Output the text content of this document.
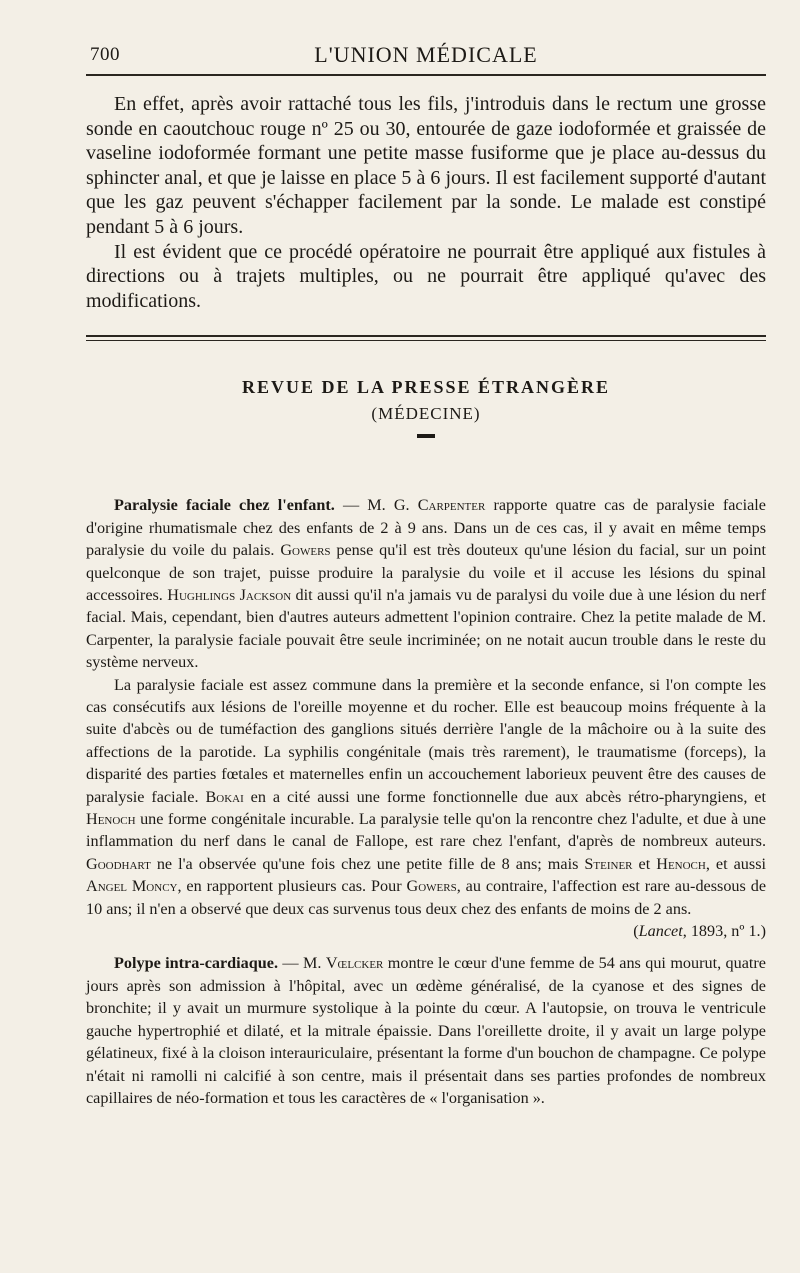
700	L'UNION MÉDICALE

En effet, après avoir rattaché tous les fils, j'introduis dans le rectum une grosse sonde en caoutchouc rouge nº 25 ou 30, entourée de gaze iodoformée et graissée de vaseline iodoformée formant une petite masse fusiforme que je place au-dessus du sphincter anal, et que je laisse en place 5 à 6 jours. Il est facilement supporté d'autant que les gaz peuvent s'échapper facilement par la sonde. Le malade est constipé pendant 5 à 6 jours.

Il est évident que ce procédé opératoire ne pourrait être appliqué aux fistules à directions ou à trajets multiples, ou ne pourrait être appliqué qu'avec des modifications.

REVUE DE LA PRESSE ÉTRANGÈRE
(MÉDECINE)

Paralysie faciale chez l'enfant. — M. G. Carpenter rapporte quatre cas de paralysie faciale d'origine rhumatismale chez des enfants de 2 à 9 ans. Dans un de ces cas, il y avait en même temps paralysie du voile du palais. Gowers pense qu'il est très douteux qu'une lésion du facial, sur un point quelconque de son trajet, puisse produire la paralysie du voile et il accuse les lésions du spinal accessoires. Hughlings Jackson dit aussi qu'il n'a jamais vu de paralysi du voile due à une lésion du nerf facial. Mais, cependant, bien d'autres auteurs admettent l'opinion contraire. Chez la petite malade de M. Carpenter, la paralysie faciale pouvait être seule incriminée; on ne notait aucun trouble dans le reste du système nerveux.

La paralysie faciale est assez commune dans la première et la seconde enfance, si l'on compte les cas consécutifs aux lésions de l'oreille moyenne et du rocher. Elle est beaucoup moins fréquente à la suite d'abcès ou de tuméfaction des ganglions situés derrière l'angle de la mâchoire ou à la suite des affections de la parotide. La syphilis congénitale (mais très rarement), le traumatisme (forceps), la disparité des parties fœtales et maternelles enfin un accouchement laborieux peuvent être des causes de paralysie faciale. Bokai en a cité aussi une forme fonctionnelle due aux abcès rétro-pharyngiens, et Henoch une forme congénitale incurable. La paralysie telle qu'on la rencontre chez l'adulte, et due à une inflammation du nerf dans le canal de Fallope, est rare chez l'enfant, d'après de nombreux auteurs. Goodhart ne l'a observée qu'une fois chez une petite fille de 8 ans; mais Steiner et Henoch, et aussi Angel Moncy, en rapportent plusieurs cas. Pour Gowers, au contraire, l'affection est rare au-dessous de 10 ans; il n'en a observé que deux cas survenus tous deux chez des enfants de moins de 2 ans.

(Lancet, 1893, nº 1.)

Polype intra-cardiaque. — M. Vœlcker montre le cœur d'une femme de 54 ans qui mourut, quatre jours après son admission à l'hôpital, avec un œdème généralisé, de la cyanose et des signes de bronchite; il y avait un murmure systolique à la pointe du cœur. A l'autopsie, on trouva le ventricule gauche hypertrophié et dilaté, et la mitrale épaissie. Dans l'oreillette droite, il y avait un large polype gélatineux, fixé à la cloison interauriculaire, présentant la forme d'un bouchon de champagne. Ce polype n'était ni ramolli ni calcifié à son centre, mais il présentait dans ses parties profondes de nombreux capillaires de néo-formation et tous les caractères de « l'organisation ».
